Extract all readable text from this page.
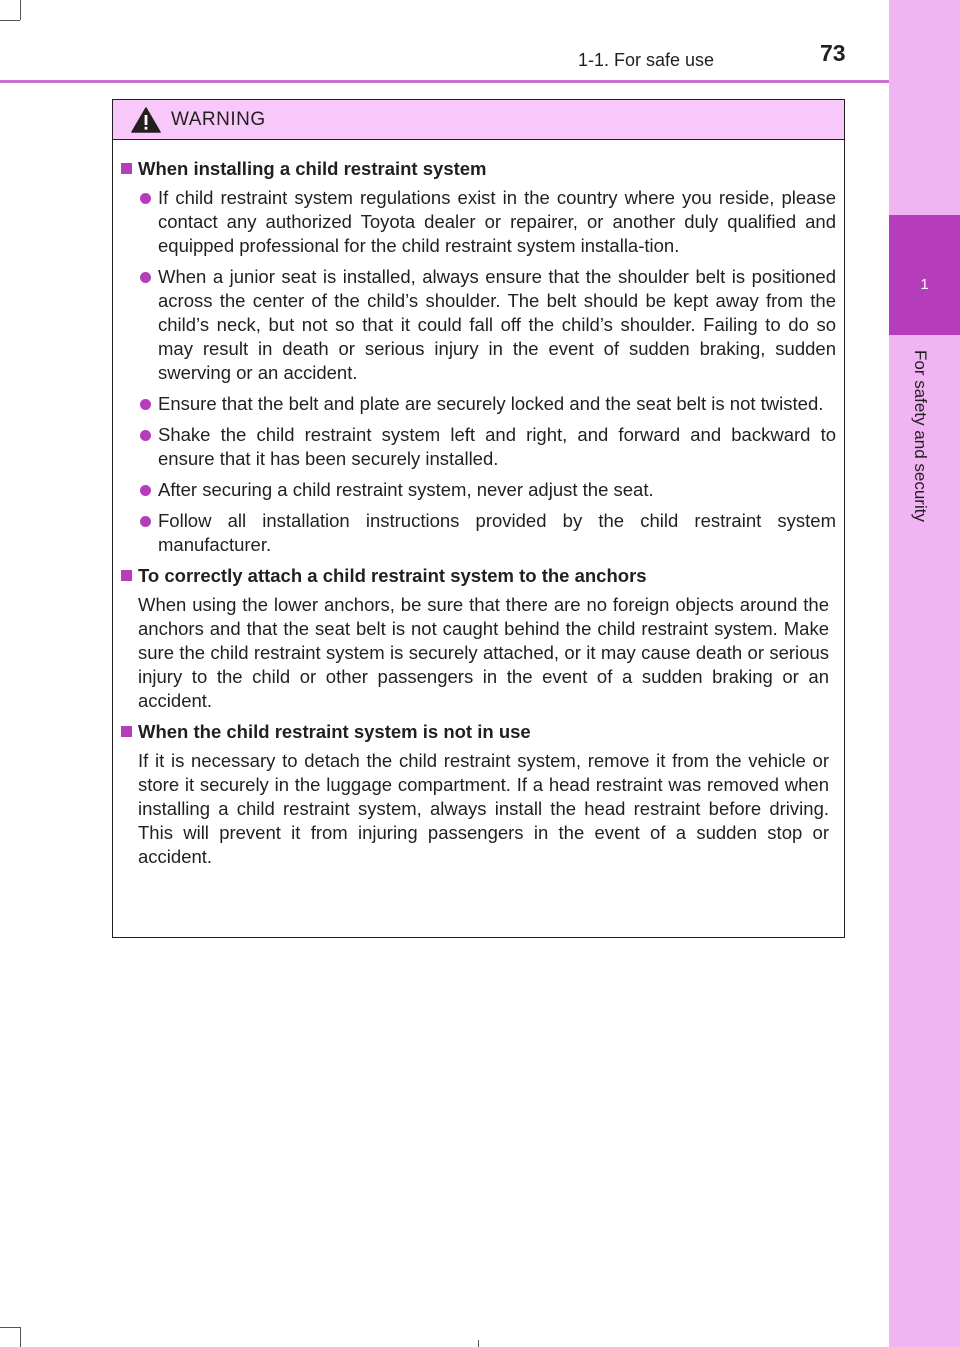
1
For safety and security
1-1. For safe use	73
WARNING
When installing a child restraint system
If child restraint system regulations exist in the country where you reside, please contact any authorized Toyota dealer or repairer, or another duly qualified and equipped professional for the child restraint system installa-tion.
When a junior seat is installed, always ensure that the shoulder belt is positioned across the center of the child’s shoulder. The belt should be kept away from the child’s neck, but not so that it could fall off the child’s shoulder. Failing to do so may result in death or serious injury in the event of sudden braking, sudden swerving or an accident.
Ensure that the belt and plate are securely locked and the seat belt is not twisted.
Shake the child restraint system left and right, and forward and backward to ensure that it has been securely installed.
After securing a child restraint system, never adjust the seat.
Follow all installation instructions provided by the child restraint system manufacturer.
To correctly attach a child restraint system to the anchors
When using the lower anchors, be sure that there are no foreign objects around the anchors and that the seat belt is not caught behind the child restraint system. Make sure the child restraint system is securely attached, or it may cause death or serious injury to the child or other passengers in the event of a sudden braking or an accident.
When the child restraint system is not in use
If it is necessary to detach the child restraint system, remove it from the vehicle or store it securely in the luggage compartment. If a head restraint was removed when installing a child restraint system, always install the head restraint before driving. This will prevent it from injuring passengers in the event of a sudden stop or accident.
